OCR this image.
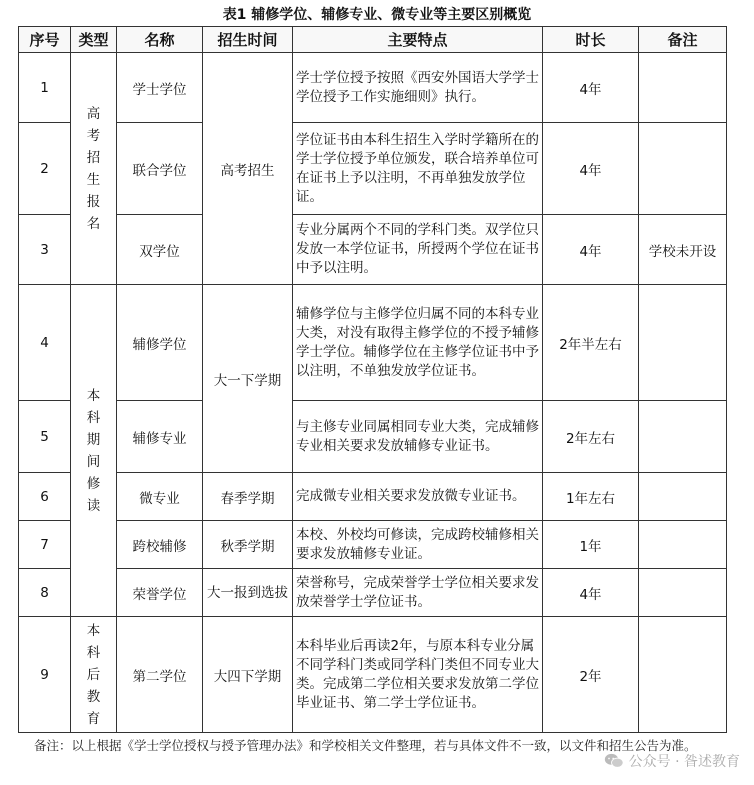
表1 辅修学位、辅修专业、微专业等主要区别概览
序号	类型	名称	招生时间	主要特点	时长	备注
1	高考招生报名	学士学位	高考招生	学士学位授予按照《西安外国语大学学士学位授予工作实施细则》执行。	4年	
2		联合学位		学位证书由本科生招生入学时学籍所在的学士学位授予单位颁发，联合培养单位可在证书上予以注明，不再单独发放学位证。	4年	
3		双学位		专业分属两个不同的学科门类。双学位只发放一本学位证书，所授两个学位在证书中予以注明。	4年	学校未开设
4	本科期间修读	辅修学位	大一下学期	辅修学位与主修学位归属不同的本科专业大类，对没有取得主修学位的不授予辅修学士学位。辅修学位在主修学位证书中予以注明，不单独发放学位证书。	2年半左右	
5		辅修专业		与主修专业同属相同专业大类，完成辅修专业相关要求发放辅修专业证书。	2年左右	
6		微专业	春季学期	完成微专业相关要求发放微专业证书。	1年左右	
7		跨校辅修	秋季学期	本校、外校均可修读，完成跨校辅修相关要求发放辅修专业证。	1年	
8		荣誉学位	大一报到选拔	荣誉称号，完成荣誉学士学位相关要求发放荣誉学士学位证书。	4年	
9	本科后教育	第二学位	大四下学期	本科毕业后再读2年，与原本科专业分属不同学科门类或同学科门类但不同专业大类。完成第二学位相关要求发放第二学位毕业证书、第二学士学位证书。	2年	
备注：以上根据《学士学位授权与授予管理办法》和学校相关文件整理，若与具体文件不一致，以文件和招生公告为准。
公众号 · 昝述教育
